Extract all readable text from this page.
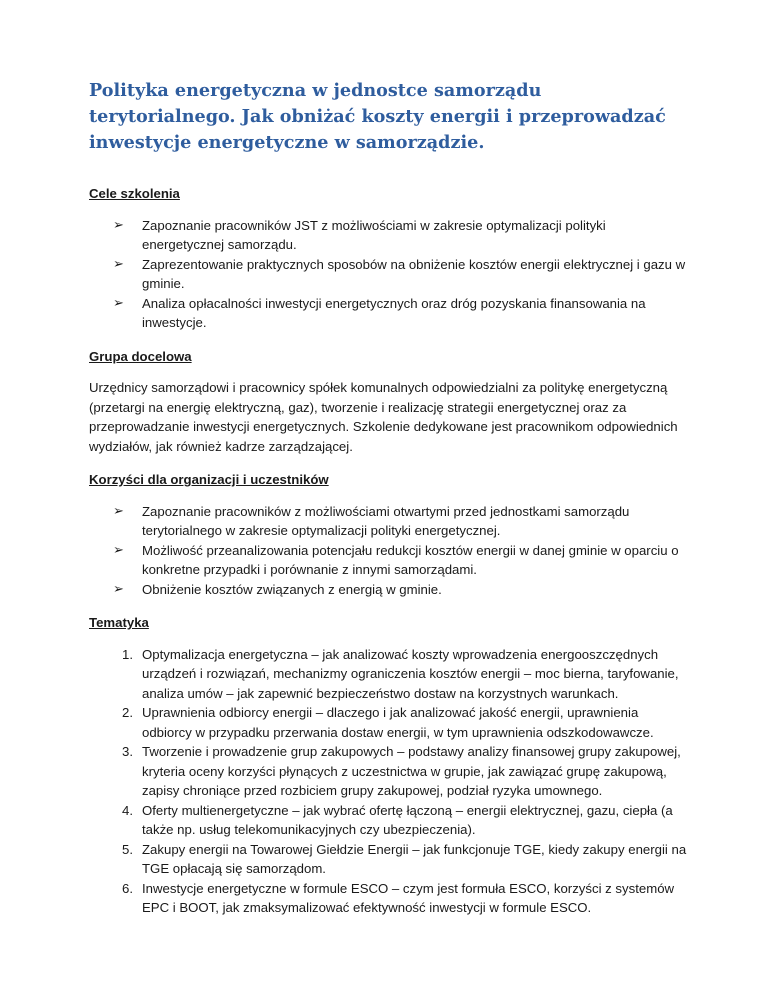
Polityka energetyczna w jednostce samorządu terytorialnego. Jak obniżać koszty energii i przeprowadzać inwestycje energetyczne w samorządzie.
Cele szkolenia
➢ Zapoznanie pracowników JST z możliwościami w zakresie optymalizacji polityki energetycznej samorządu.
➢ Zaprezentowanie praktycznych sposobów na obniżenie kosztów energii elektrycznej i gazu w gminie.
➢ Analiza opłacalności inwestycji energetycznych oraz dróg pozyskania finansowania na inwestycje.
Grupa docelowa

Urzędnicy samorządowi i pracownicy spółek komunalnych odpowiedzialni za politykę energetyczną (przetargi na energię elektryczną, gaz), tworzenie i realizację strategii energetycznej oraz za przeprowadzanie inwestycji energetycznych. Szkolenie dedykowane jest pracownikom odpowiednich wydziałów, jak również kadrze zarządzającej.

Korzyści dla organizacji i uczestników
➢ Zapoznanie pracowników z możliwościami otwartymi przed jednostkami samorządu terytorialnego w zakresie optymalizacji polityki energetycznej.
➢ Możliwość przeanalizowania potencjału redukcji kosztów energii w danej gminie w oparciu o konkretne przypadki i porównanie z innymi samorządami.
➢ Obniżenie kosztów związanych z energią w gminie.
Tematyka
1. Optymalizacja energetyczna – jak analizować koszty wprowadzenia energooszczędnych urządzeń i rozwiązań, mechanizmy ograniczenia kosztów energii – moc bierna, taryfowanie, analiza umów – jak zapewnić bezpieczeństwo dostaw na korzystnych warunkach.
2. Uprawnienia odbiorcy energii – dlaczego i jak analizować jakość energii, uprawnienia odbiorcy w przypadku przerwania dostaw energii, w tym uprawnienia odszkodowawcze.
3. Tworzenie i prowadzenie grup zakupowych – podstawy analizy finansowej grupy zakupowej, kryteria oceny korzyści płynących z uczestnictwa w grupie, jak zawiązać grupę zakupową, zapisy chroniące przed rozbiciem grupy zakupowej, podział ryzyka umownego.
4. Oferty multienergetyczne – jak wybrać ofertę łączoną – energii elektrycznej, gazu, ciepła (a także np. usług telekomunikacyjnych czy ubezpieczenia).
5. Zakupy energii na Towarowej Giełdzie Energii – jak funkcjonuje TGE, kiedy zakupy energii na TGE opłacają się samorządom.
6. Inwestycje energetyczne w formule ESCO – czym jest formuła ESCO, korzyści z systemów EPC i BOOT, jak zmaksymalizować efektywność inwestycji w formule ESCO.
